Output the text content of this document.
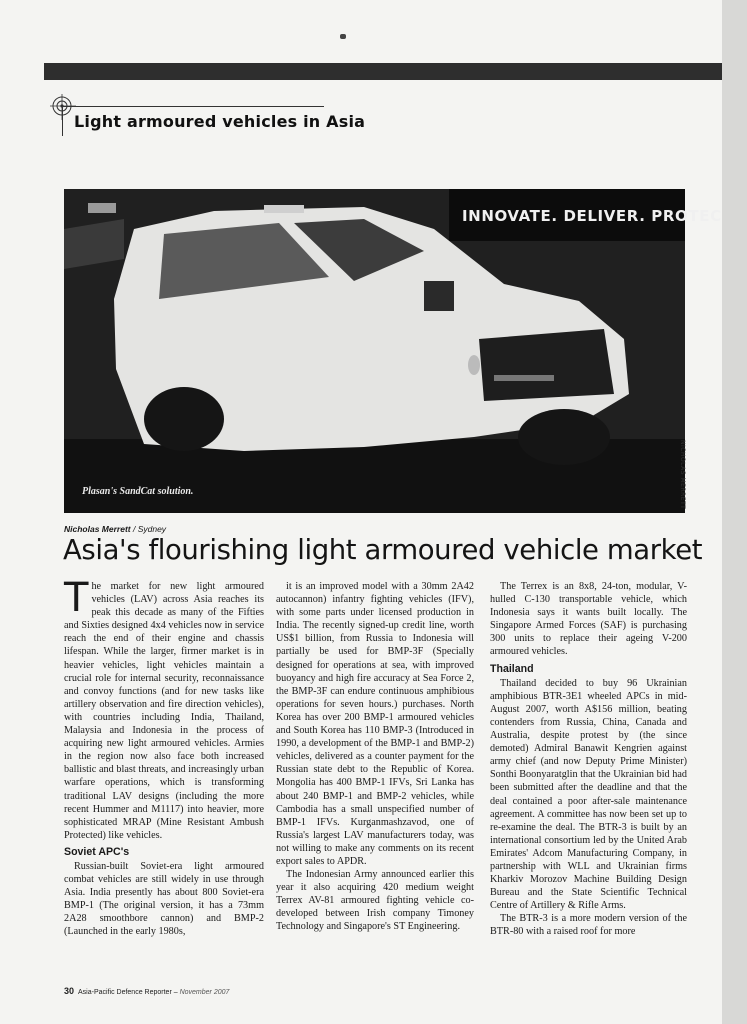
Light armoured vehicles in Asia
INNOVATE. DELIVER. PROTEC
Plasan's SandCat solution.	NICHOLAS MERRETT
Nicholas Merrett / Sydney
Asia's flourishing light armoured vehicle market

The market for new light armoured vehicles (LAV) across Asia reaches its peak this decade as many of the Fifties and Sixties designed 4x4 vehicles now in service reach the end of their engine and chassis lifespan. While the larger, firmer market is in heavier vehicles, light vehicles maintain a crucial role for internal security, reconnaissance and convoy functions (and for new tasks like artillery observation and fire direction vehicles), with countries including India, Thailand, Malaysia and Indonesia in the process of acquiring new light armoured vehicles. Armies in the region now also face both increased ballistic and blast threats, and increasingly urban warfare operations, which is transforming traditional LAV designs (including the more recent Hummer and M1117) into heavier, more sophisticated MRAP (Mine Resistant Ambush Protected) like vehicles.

Soviet APC's

Russian-built Soviet-era light armoured combat vehicles are still widely in use through Asia. India presently has about 800 Soviet-era BMP-1 (The original version, it has a 73mm 2A28 smoothbore cannon) and BMP-2 (Launched in the early 1980s,

it is an improved model with a 30mm 2A42 autocannon) infantry fighting vehicles (IFV), with some parts under licensed production in India. The recently signed-up credit line, worth US$1 billion, from Russia to Indonesia will partially be used for BMP-3F (Specially designed for operations at sea, with improved buoyancy and high fire accuracy at Sea Force 2, the BMP-3F can endure continuous amphibious operations for seven hours.) purchases. North Korea has over 200 BMP-1 armoured vehicles and South Korea has 110 BMP-3 (Introduced in 1990, a development of the BMP-1 and BMP-2) vehicles, delivered as a counter payment for the Russian state debt to the Republic of Korea. Mongolia has 400 BMP-1 IFVs, Sri Lanka has about 240 BMP-1 and BMP-2 vehicles, while Cambodia has a small unspecified number of BMP-1 IFVs. Kurganmashzavod, one of Russia's largest LAV manufacturers today, was not willing to make any comments on its recent export sales to APDR.

The Indonesian Army announced earlier this year it also acquiring 420 medium weight Terrex AV-81 armoured fighting vehicle co-developed between Irish company Timoney Technology and Singapore's ST Engineering.

The Terrex is an 8x8, 24-ton, modular, V-hulled C-130 transportable vehicle, which Indonesia says it wants built locally. The Singapore Armed Forces (SAF) is purchasing 300 units to replace their ageing V-200 armoured vehicles.

Thailand

Thailand decided to buy 96 Ukrainian amphibious BTR-3E1 wheeled APCs in mid-August 2007, worth A$156 million, beating contenders from Russia, China, Canada and Australia, despite protest by (the since demoted) Admiral Banawit Kengrien against army chief (and now Deputy Prime Minister) Sonthi Boonyaratglin that the Ukrainian bid had been submitted after the deadline and that the deal contained a poor after-sale maintenance agreement. A committee has now been set up to re-examine the deal. The BTR-3 is built by an international consortium led by the United Arab Emirates' Adcom Manufacturing Company, in partnership with WLL and Ukrainian firms Kharkiv Morozov Machine Building Design Bureau and the State Scientific Technical Centre of Artillery & Rifle Arms.

The BTR-3 is a more modern version of the BTR-80 with a raised roof for more

30 Asia-Pacific Defence Reporter – November 2007
